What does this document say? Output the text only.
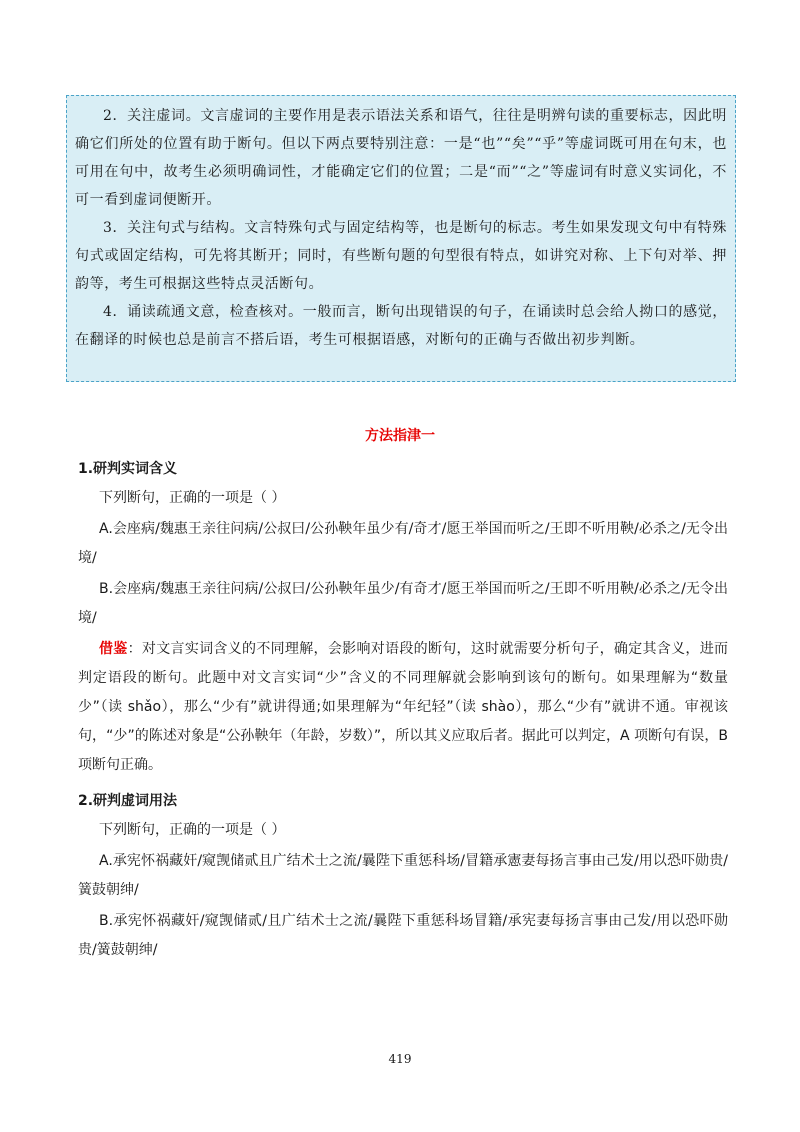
2．关注虚词。文言虚词的主要作用是表示语法关系和语气，往往是明辨句读的重要标志，因此明确它们所处的位置有助于断句。但以下两点要特别注意：一是“也”“矣”“乎”等虚词既可用在句末，也可用在句中，故考生必须明确词性，才能确定它们的位置；二是“而”“之”等虚词有时意义实词化，不可一看到虚词便断开。

3．关注句式与结构。文言特殊句式与固定结构等，也是断句的标志。考生如果发现文句中有特殊句式或固定结构，可先将其断开；同时，有些断句题的句型很有特点，如讲究对称、上下句对举、押韵等，考生可根据这些特点灵活断句。

4．诵读疏通文意，检查核对。一般而言，断句出现错误的句子，在诵读时总会给人拗口的感觉，在翻译的时候也总是前言不搭后语，考生可根据语感，对断句的正确与否做出初步判断。

方法指津一

1.研判实词含义

下列断句，正确的一项是（ ）

A.会座病/魏惠王亲往问病/公叔曰/公孙鞅年虽少有/奇才/愿王举国而听之/王即不听用鞅/必杀之/无令出境/

B.会座病/魏惠王亲往问病/公叔曰/公孙鞅年虽少/有奇才/愿王举国而听之/王即不听用鞅/必杀之/无令出境/

借鉴：对文言实词含义的不同理解，会影响对语段的断句，这时就需要分析句子，确定其含义，进而判定语段的断句。此题中对文言实词“少”含义的不同理解就会影响到该句的断句。如果理解为“数量少”（读 shǎo），那么“少有”就讲得通;如果理解为“年纪轻”（读 shào），那么“少有”就讲不通。审视该句，“少”的陈述对象是“公孙鞅年（年龄，岁数）”，所以其义应取后者。据此可以判定，A 项断句有误，B　　项断句正确。

2.研判虚词用法

下列断句，正确的一项是（ ）

A.承宪怀祸藏奸/窥觊储贰且广结术士之流/曩陛下重惩科场/冒籍承憲妻每扬言事由己发/用以恐吓勋贵/簧鼓朝绅/

B.承宪怀祸藏奸/窥觊储贰/且广结术士之流/曩陛下重惩科场冒籍/承宪妻每扬言事由己发/用以恐吓勋贵/簧鼓朝绅/

419
